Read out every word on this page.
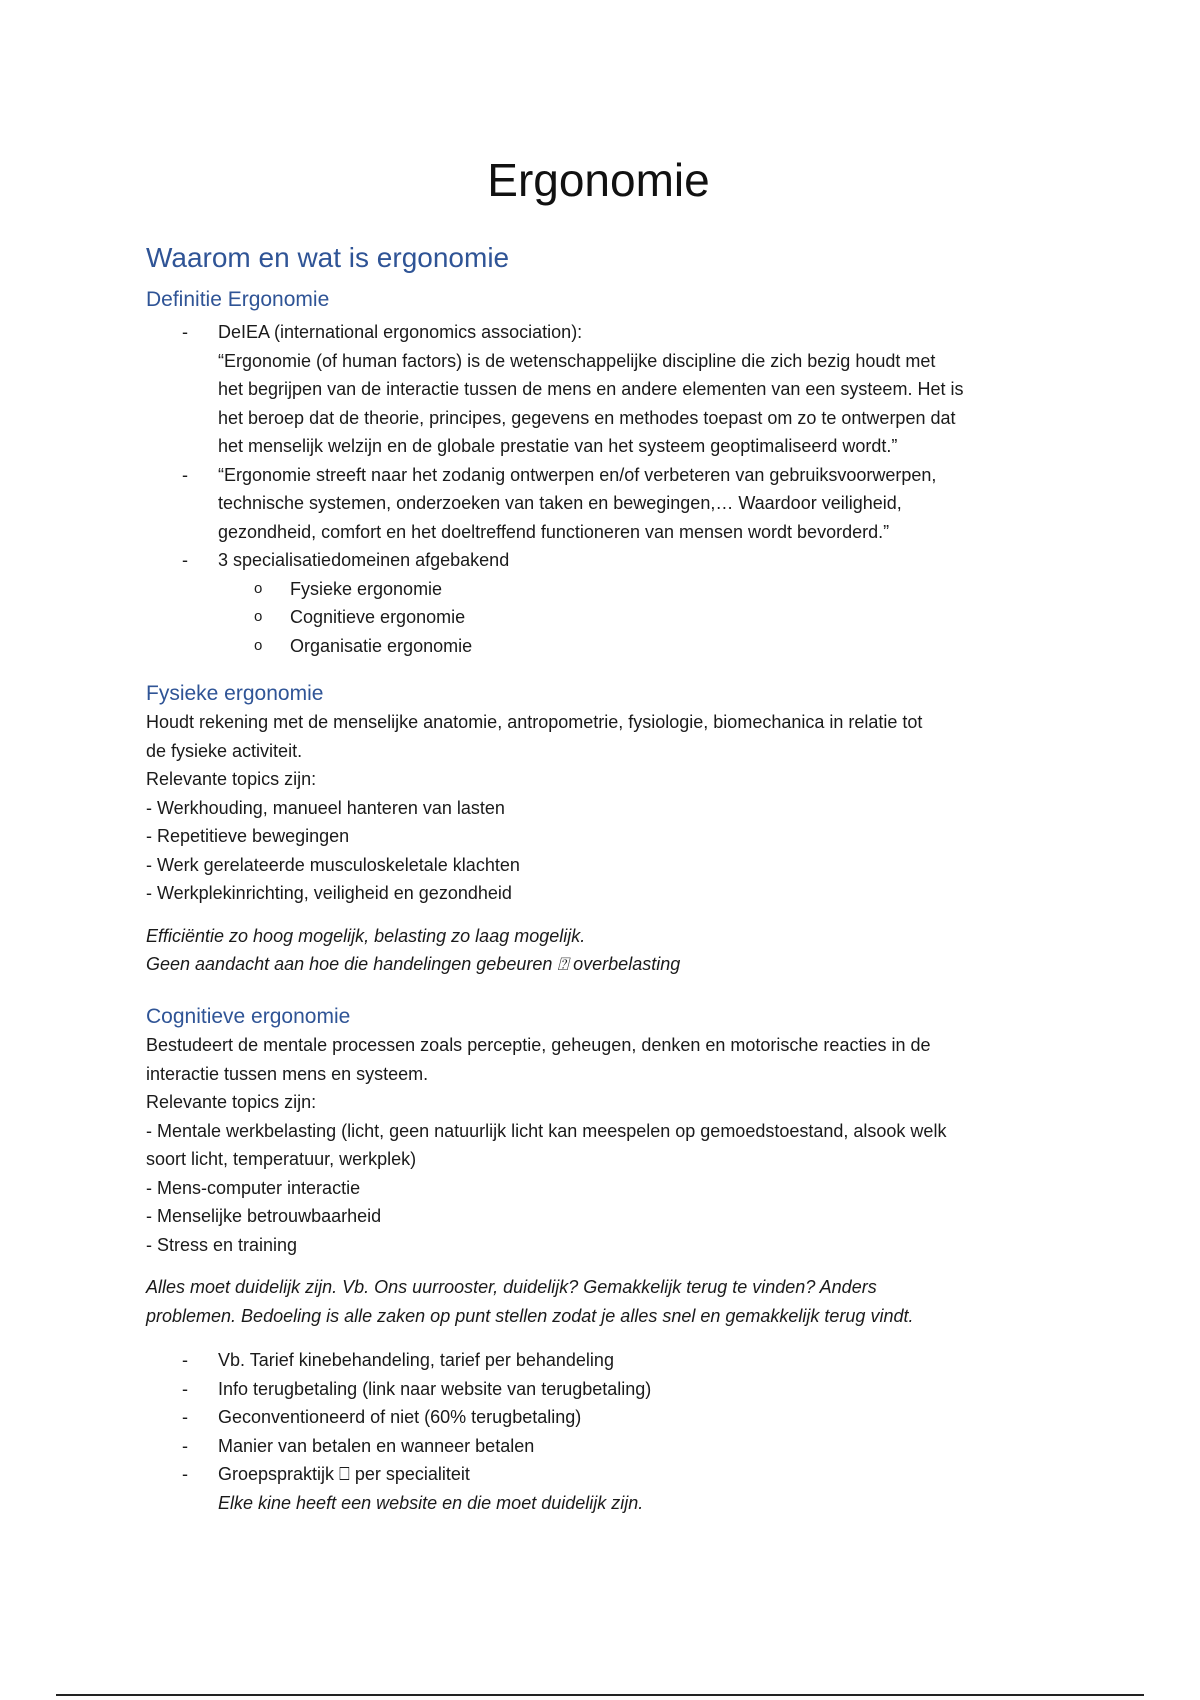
Ergonomie
Waarom en wat is ergonomie
Definitie Ergonomie
- DeIEA (international ergonomics association):
“Ergonomie (of human factors) is de wetenschappelijke discipline die zich bezig houdt met
het begrijpen van de interactie tussen de mens en andere elementen van een systeem. Het is
het beroep dat de theorie, principes, gegevens en methodes toepast om zo te ontwerpen dat
het menselijk welzijn en de globale prestatie van het systeem geoptimaliseerd wordt.”
- “Ergonomie streeft naar het zodanig ontwerpen en/of verbeteren van gebruiksvoorwerpen,
technische systemen, onderzoeken van taken en bewegingen,… Waardoor veiligheid,
gezondheid, comfort en het doeltreffend functioneren van mensen wordt bevorderd.”
- 3 specialisatiedomeinen afgebakend
o Fysieke ergonomie
o Cognitieve ergonomie
o Organisatie ergonomie
Fysieke ergonomie

Houdt rekening met de menselijke anatomie, antropometrie, fysiologie, biomechanica in relatie tot

de fysieke activiteit.

Relevante topics zijn:

- Werkhouding, manueel hanteren van lasten

- Repetitieve bewegingen

- Werk gerelateerde musculoskeletale klachten

- Werkplekinrichting, veiligheid en gezondheid

Efficiëntie zo hoog mogelijk, belasting zo laag mogelijk.

Geen aandacht aan hoe die handelingen gebeuren ⍰ overbelasting

Cognitieve ergonomie

Bestudeert de mentale processen zoals perceptie, geheugen, denken en motorische reacties in de

interactie tussen mens en systeem.

Relevante topics zijn:

- Mentale werkbelasting (licht, geen natuurlijk licht kan meespelen op gemoedstoestand, alsook welk

soort licht, temperatuur, werkplek)

- Mens-computer interactie

- Menselijke betrouwbaarheid

- Stress en training

Alles moet duidelijk zijn. Vb. Ons uurrooster, duidelijk? Gemakkelijk terug te vinden? Anders

problemen. Bedoeling is alle zaken op punt stellen zodat je alles snel en gemakkelijk terug vindt.

- Vb. Tarief kinebehandeling, tarief per behandeling
- Info terugbetaling (link naar website van terugbetaling)
- Geconventioneerd of niet (60% terugbetaling)
- Manier van betalen en wanneer betalen
- Groepspraktijk ⎕ per specialiteit
Elke kine heeft een website en die moet duidelijk zijn.
